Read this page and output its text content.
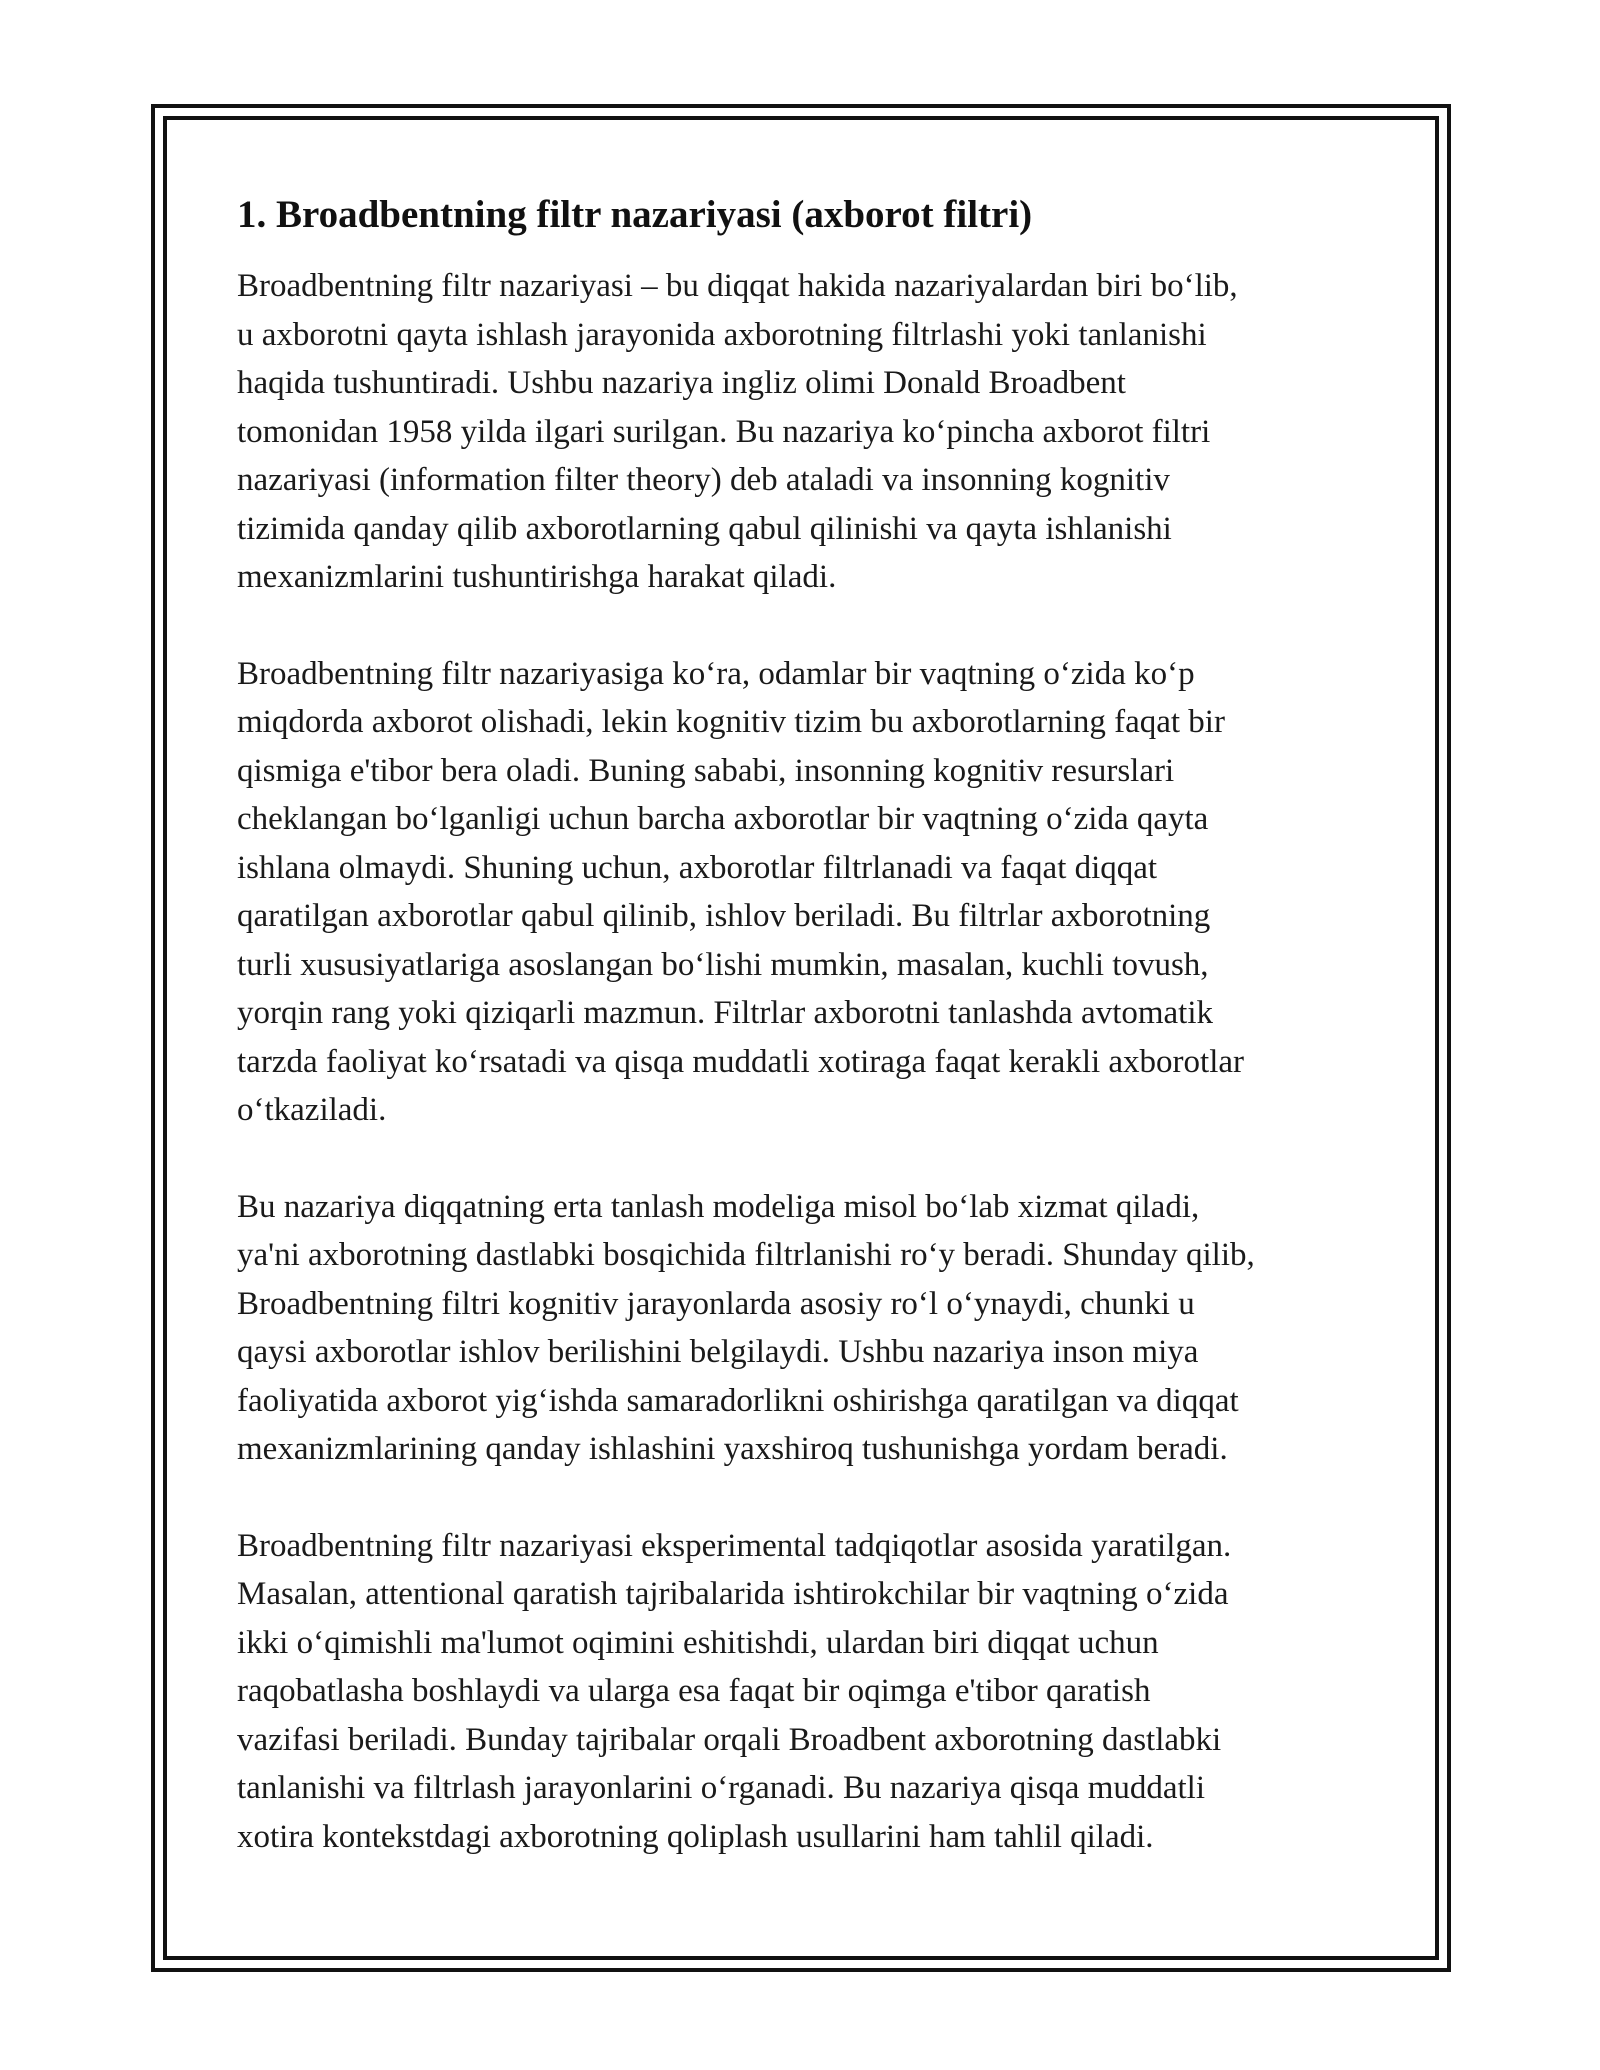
1. Broadbentning filtr nazariyasi (axborot filtri)

Broadbentning filtr nazariyasi – bu diqqat hakida nazariyalardan biri bo‘lib,
u axborotni qayta ishlash jarayonida axborotning filtrlashi yoki tanlanishi
haqida tushuntiradi. Ushbu nazariya ingliz olimi Donald Broadbent
tomonidan 1958 yilda ilgari surilgan. Bu nazariya ko‘pincha axborot filtri
nazariyasi (information filter theory) deb ataladi va insonning kognitiv
tizimida qanday qilib axborotlarning qabul qilinishi va qayta ishlanishi
mexanizmlarini tushuntirishga harakat qiladi.

Broadbentning filtr nazariyasiga ko‘ra, odamlar bir vaqtning o‘zida ko‘p
miqdorda axborot olishadi, lekin kognitiv tizim bu axborotlarning faqat bir
qismiga e'tibor bera oladi. Buning sababi, insonning kognitiv resurslari
cheklangan bo‘lganligi uchun barcha axborotlar bir vaqtning o‘zida qayta
ishlana olmaydi. Shuning uchun, axborotlar filtrlanadi va faqat diqqat
qaratilgan axborotlar qabul qilinib, ishlov beriladi. Bu filtrlar axborotning
turli xususiyatlariga asoslangan bo‘lishi mumkin, masalan, kuchli tovush,
yorqin rang yoki qiziqarli mazmun. Filtrlar axborotni tanlashda avtomatik
tarzda faoliyat ko‘rsatadi va qisqa muddatli xotiraga faqat kerakli axborotlar
o‘tkaziladi.

Bu nazariya diqqatning erta tanlash modeliga misol bo‘lab xizmat qiladi,
ya'ni axborotning dastlabki bosqichida filtrlanishi ro‘y beradi. Shunday qilib,
Broadbentning filtri kognitiv jarayonlarda asosiy ro‘l o‘ynaydi, chunki u
qaysi axborotlar ishlov berilishini belgilaydi. Ushbu nazariya inson miya
faoliyatida axborot yig‘ishda samaradorlikni oshirishga qaratilgan va diqqat
mexanizmlarining qanday ishlashini yaxshiroq tushunishga yordam beradi.

Broadbentning filtr nazariyasi eksperimental tadqiqotlar asosida yaratilgan.
Masalan, attentional qaratish tajribalarida ishtirokchilar bir vaqtning o‘zida
ikki o‘qimishli ma'lumot oqimini eshitishdi, ulardan biri diqqat uchun
raqobatlasha boshlaydi va ularga esa faqat bir oqimga e'tibor qaratish
vazifasi beriladi. Bunday tajribalar orqali Broadbent axborotning dastlabki
tanlanishi va filtrlash jarayonlarini o‘rganadi. Bu nazariya qisqa muddatli
xotira kontekstdagi axborotning qoliplash usullarini ham tahlil qiladi.
